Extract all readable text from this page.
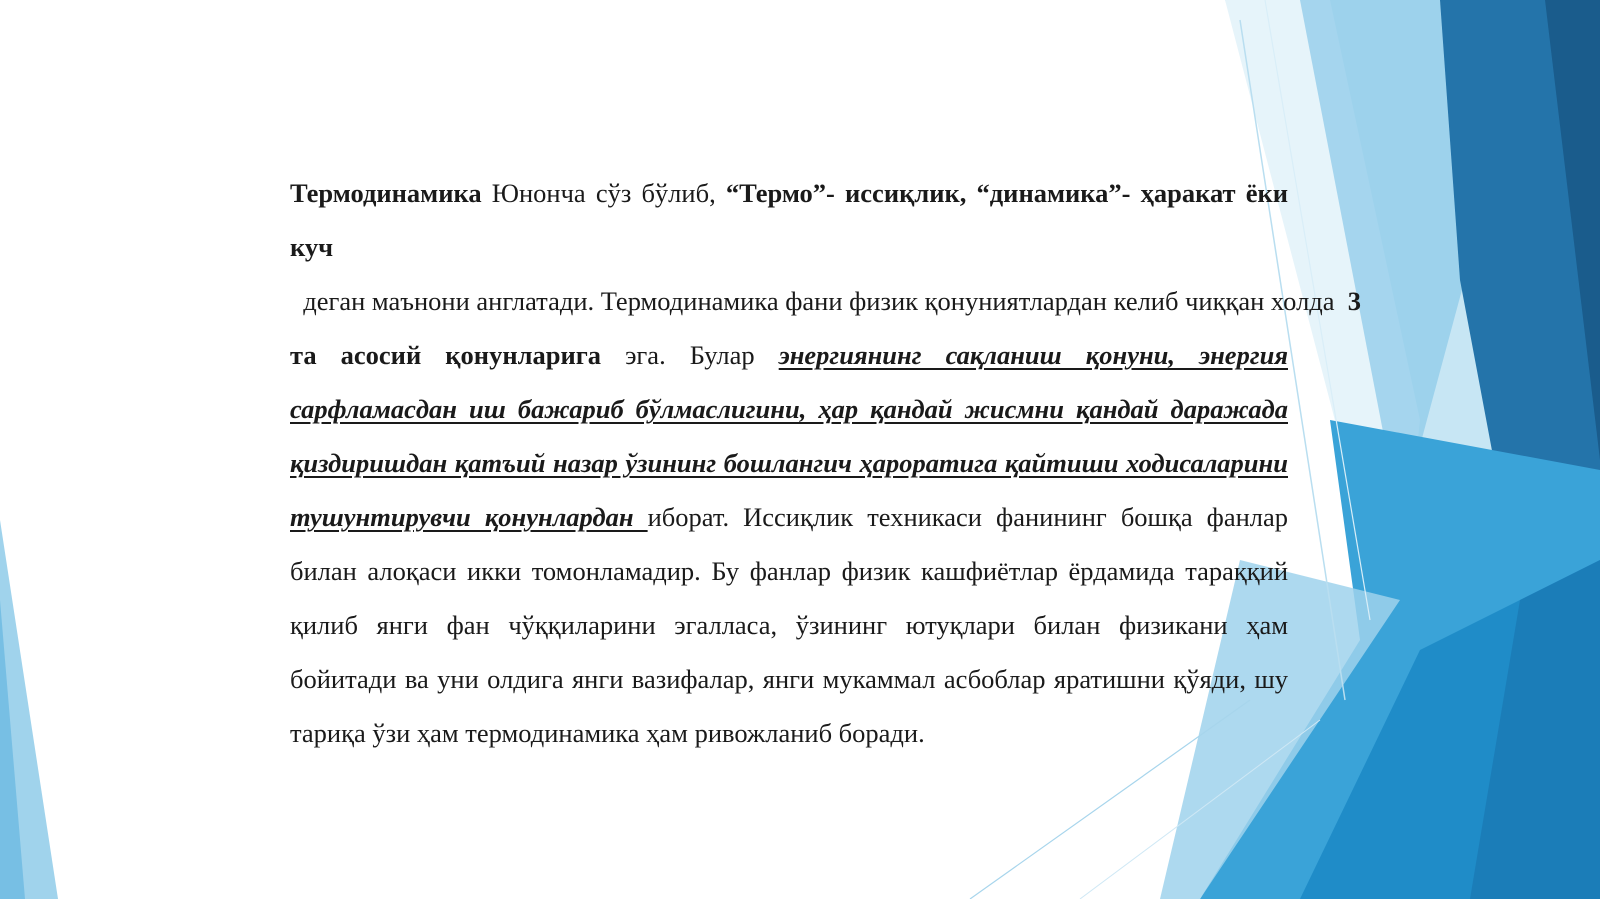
Термодинамика Юнонча сўз бўлиб, “Термо”- иссиқлик, “динамика”- ҳаракат ёки куч  деган маънони англатади. Термодинамика фани физик қонуниятлардан келиб чиққан холда  3 та асосий қонунларига эга. Булар энергиянинг сақланиш қонуни, энергия сарфламасдан иш бажариб бўлмаслигини, ҳар қандай жисмни қандай даражада қиздиришдан қатъий назар ўзининг бошлангич ҳароратига қайтиши ходисаларини тушунтирувчи қонунлардан иборат. Иссиқлик техникаси фанининг бошқа фанлар билан алоқаси икки томонламадир. Бу фанлар физик кашфиётлар ёрдамида тараққий қилиб янги фан чўққиларини эгалласа, ўзининг ютуқлари билан физикани ҳам бойитади ва уни олдига янги вазифалар, янги мукаммал асбоблар яратишни қўяди, шу тариқа ўзи ҳам термодинамика ҳам ривожланиб боради.
